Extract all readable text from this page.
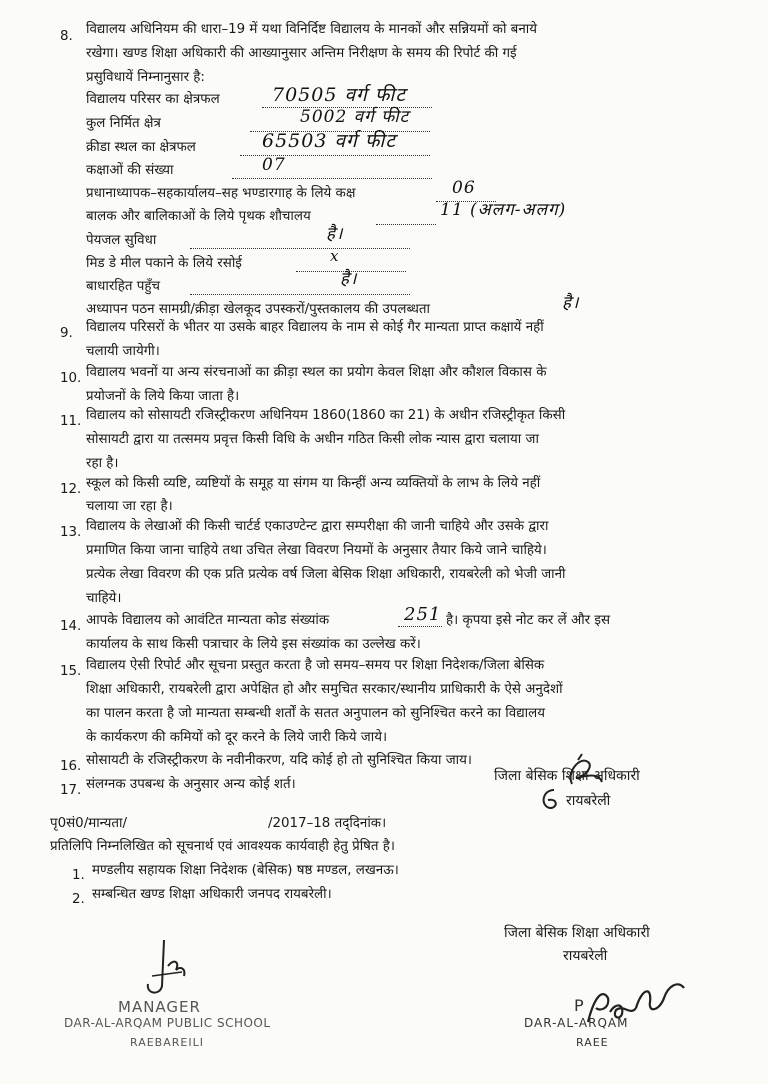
8. विद्यालय अधिनियम की धारा–19 में यथा विनिर्दिष्ट विद्यालय के मानकों और सन्नियमों को बनाये
रखेगा। खण्ड शिक्षा अधिकारी की आख्यानुसार अन्तिम निरीक्षण के समय की रिपोर्ट की गई
प्रसुविधायें निम्नानुसार है:
विद्यालय परिसर का क्षेत्रफल	70505 वर्ग फीट
कुल निर्मित क्षेत्र	5002 वर्ग फीट
क्रीडा स्थल का क्षेत्रफल	65503 वर्ग फीट
कक्षाओं की संख्या	07
प्रधानाध्यापक–सहकार्यालय–सह भण्डारगाह के लिये कक्ष	06
बालक और बालिकाओं के लिये पृथक शौचालय	11 (अलग-अलग)
पेयजल सुविधा	है।
मिड डे मील पकाने के लिये रसोई	x
बाधारहित पहुँच	है।
अध्यापन पठन सामग्री/क्रीड़ा खेलकूद उपस्करों/पुस्तकालय की उपलब्धता	है।
9. विद्यालय परिसरों के भीतर या उसके बाहर विद्यालय के नाम से कोई गैर मान्यता प्राप्त कक्षायें नहीं
चलायी जायेगी।
10. विद्यालय भवनों या अन्य संरचनाओं का क्रीड़ा स्थल का प्रयोग केवल शिक्षा और कौशल विकास के
प्रयोजनों के लिये किया जाता है।
11. विद्यालय को सोसायटी रजिस्ट्रीकरण अधिनियम 1860(1860 का 21) के अधीन रजिस्ट्रीकृत किसी
सोसायटी द्वारा या तत्समय प्रवृत्त किसी विधि के अधीन गठित किसी लोक न्यास द्वारा चलाया जा
रहा है।
12. स्कूल को किसी व्यष्टि, व्यष्टियों के समूह या संगम या किन्हीं अन्य व्यक्तियों के लाभ के लिये नहीं
चलाया जा रहा है।
13. विद्यालय के लेखाओं की किसी चार्टर्ड एकाउण्टेन्ट द्वारा सम्परीक्षा की जानी चाहिये और उसके द्वारा
प्रमाणित किया जाना चाहिये तथा उचित लेखा विवरण नियमों के अनुसार तैयार किये जाने चाहिये।
प्रत्येक लेखा विवरण की एक प्रति प्रत्येक वर्ष जिला बेसिक शिक्षा अधिकारी, रायबरेली को भेजी जानी
चाहिये।
14. आपके विद्यालय को आवंटित मान्यता कोड संख्यांक	251 है। कृपया इसे नोट कर लें और इस
कार्यालय के साथ किसी पत्राचार के लिये इस संख्यांक का उल्लेख करें।
15. विद्यालय ऐसी रिपोर्ट और सूचना प्रस्तुत करता है जो समय–समय पर शिक्षा निदेशक/जिला बेसिक
शिक्षा अधिकारी, रायबरेली द्वारा अपेक्षित हो और समुचित सरकार/स्थानीय प्राधिकारी के ऐसे अनुदेशों
का पालन करता है जो मान्यता सम्बन्धी शर्तों के सतत अनुपालन को सुनिश्चित करने का विद्यालय
के कार्यकरण की कमियों को दूर करने के लिये जारी किये जाये।
16. सोसायटी के रजिस्ट्रीकरण के नवीनीकरण, यदि कोई हो तो सुनिश्चित किया जाय।
17. संलग्नक उपबन्ध के अनुसार अन्य कोई शर्त।
जिला बेसिक शिक्षा अधिकारी
रायबरेली
पृ0सं0/मान्यता/	/2017–18 तद्‌दिनांक।
प्रतिलिपि निम्नलिखित को सूचनार्थ एवं आवश्यक कार्यवाही हेतु प्रेषित है।
1. मण्डलीय सहायक शिक्षा निदेशक (बेसिक) षष्ठ मण्डल, लखनऊ।
2. सम्बन्धित खण्ड शिक्षा अधिकारी जनपद रायबरेली।
जिला बेसिक शिक्षा अधिकारी
रायबरेली
MANAGER
DAR-AL-ARQAM PUBLIC SCHOOL
RAEBAREILI
P
DAR-AL-ARQAM
RAEE
